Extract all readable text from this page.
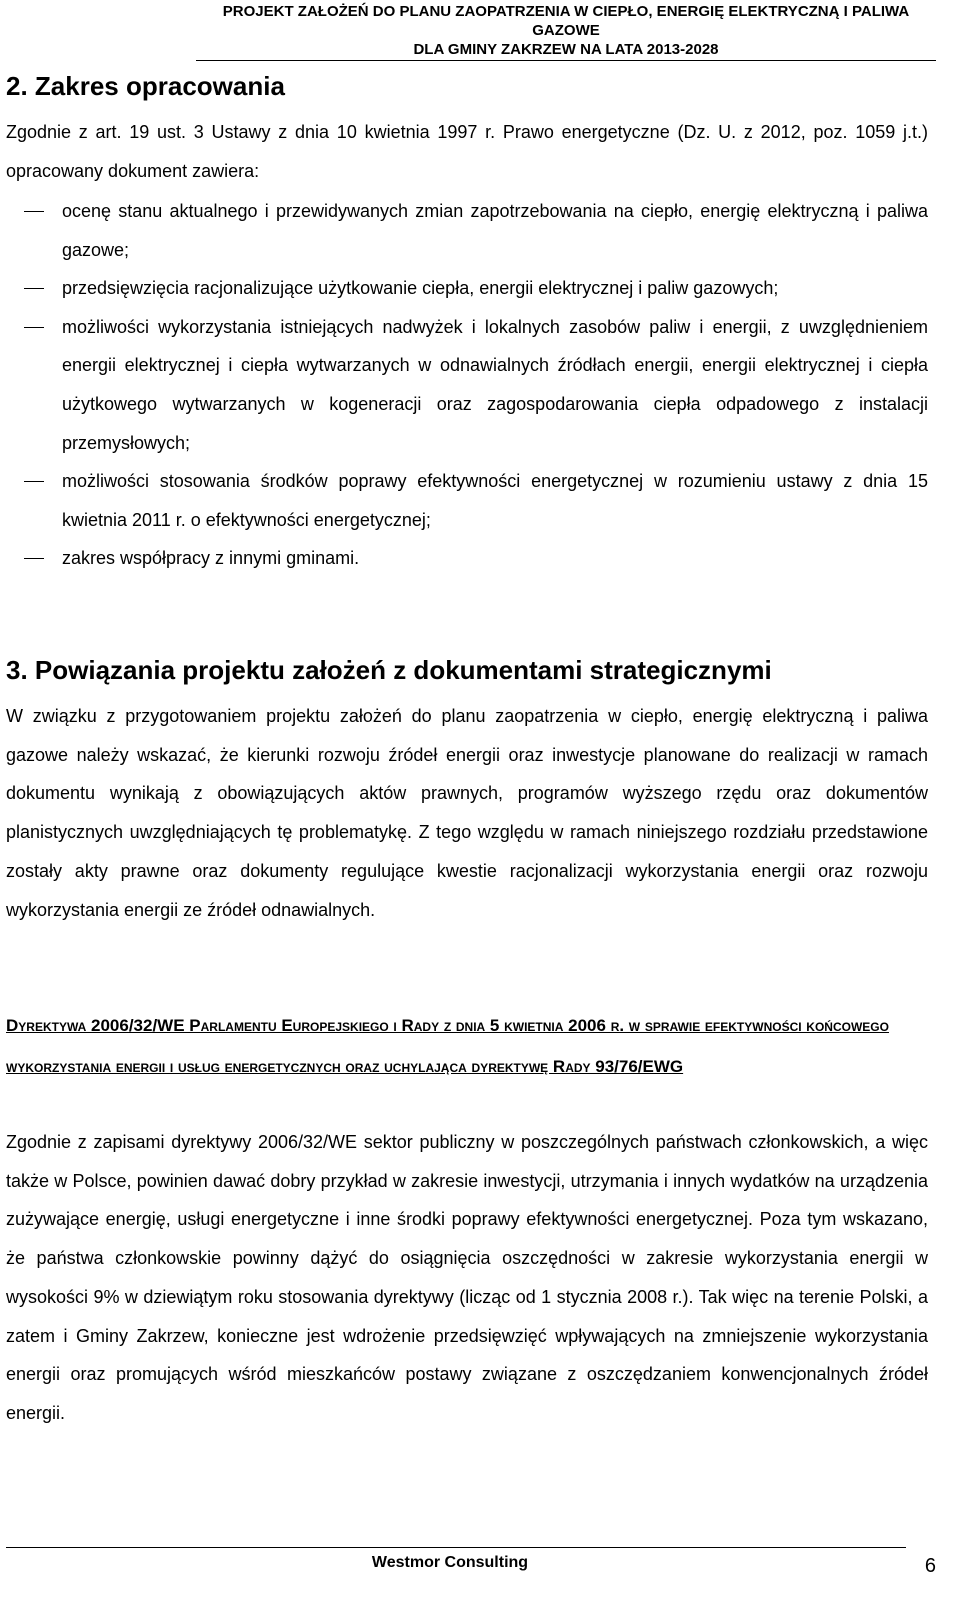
PROJEKT ZAŁOŻEŃ DO PLANU ZAOPATRZENIA W CIEPŁO, ENERGIĘ ELEKTRYCZNĄ I PALIWA GAZOWE
DLA GMINY ZAKRZEW NA LATA 2013-2028
2. Zakres opracowania

Zgodnie z art. 19 ust. 3 Ustawy z dnia 10 kwietnia 1997 r. Prawo energetyczne (Dz. U. z 2012, poz. 1059 j.t.) opracowany dokument zawiera:

ocenę stanu aktualnego i przewidywanych zmian zapotrzebowania na ciepło, energię elektryczną i paliwa gazowe;
przedsięwzięcia racjonalizujące użytkowanie ciepła, energii elektrycznej i paliw gazowych;
możliwości wykorzystania istniejących nadwyżek i lokalnych zasobów paliw i energii, z uwzględnieniem energii elektrycznej i ciepła wytwarzanych w odnawialnych źródłach energii, energii elektrycznej i ciepła użytkowego wytwarzanych w kogeneracji oraz zagospodarowania ciepła odpadowego z instalacji przemysłowych;
możliwości stosowania środków poprawy efektywności energetycznej w rozumieniu ustawy z dnia 15 kwietnia 2011 r. o efektywności energetycznej;
zakres współpracy z innymi gminami.
3. Powiązania projektu założeń z dokumentami strategicznymi

W związku z przygotowaniem projektu założeń do planu zaopatrzenia w ciepło, energię elektryczną i paliwa gazowe należy wskazać, że kierunki rozwoju źródeł energii oraz inwestycje planowane do realizacji w ramach dokumentu wynikają z obowiązujących aktów prawnych, programów wyższego rzędu oraz dokumentów planistycznych uwzględniających tę problematykę. Z tego względu w ramach niniejszego rozdziału przedstawione zostały akty prawne oraz dokumenty regulujące kwestie racjonalizacji wykorzystania energii oraz rozwoju wykorzystania energii ze źródeł odnawialnych.

Dyrektywa 2006/32/WE Parlamentu Europejskiego i Rady z dnia 5 kwietnia 2006 r. w sprawie efektywności końcowego wykorzystania energii i usług energetycznych oraz uchylająca dyrektywę Rady 93/76/EWG

Zgodnie z zapisami dyrektywy 2006/32/WE sektor publiczny w poszczególnych państwach członkowskich, a więc także w Polsce, powinien dawać dobry przykład w zakresie inwestycji, utrzymania i innych wydatków na urządzenia zużywające energię, usługi energetyczne i inne środki poprawy efektywności energetycznej. Poza tym wskazano, że państwa członkowskie powinny dążyć do osiągnięcia oszczędności w zakresie wykorzystania energii w wysokości 9% w dziewiątym roku stosowania dyrektywy (licząc od 1 stycznia 2008 r.). Tak więc na terenie Polski, a zatem i Gminy Zakrzew, konieczne jest wdrożenie przedsięwzięć wpływających na zmniejszenie wykorzystania energii oraz promujących wśród mieszkańców postawy związane z oszczędzaniem konwencjonalnych źródeł energii.

Westmor Consulting	6
